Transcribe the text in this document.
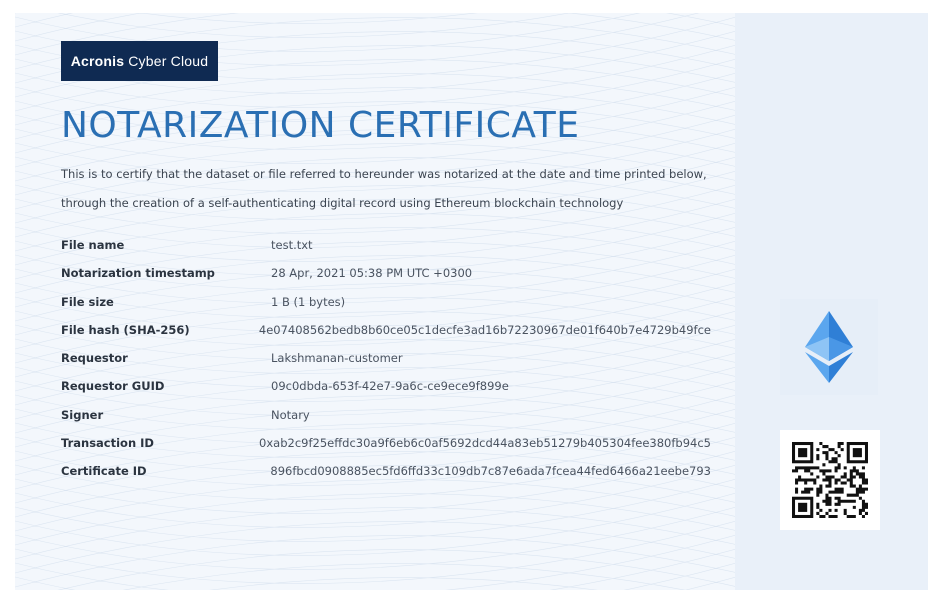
Acronis Cyber Cloud
NOTARIZATION CERTIFICATE
This is to certify that the dataset or file referred to hereunder was notarized at the date and time printed below,
through the creation of a self-authenticating digital record using Ethereum blockchain technology
File name	test.txt
Notarization timestamp	28 Apr, 2021 05:38 PM UTC +0300
File size	1 B (1 bytes)
File hash (SHA-256)	4e07408562bedb8b60ce05c1decfe3ad16b72230967de01f640b7e4729b49fce
Requestor	Lakshmanan-customer
Requestor GUID	09c0dbda-653f-42e7-9a6c-ce9ece9f899e
Signer	Notary
Transaction ID	0xab2c9f25effdc30a9f6eb6c0af5692dcd44a83eb51279b405304fee380fb94c5
Certificate ID	896fbcd0908885ec5fd6ffd33c109db7c87e6ada7fcea44fed6466a21eebe793
